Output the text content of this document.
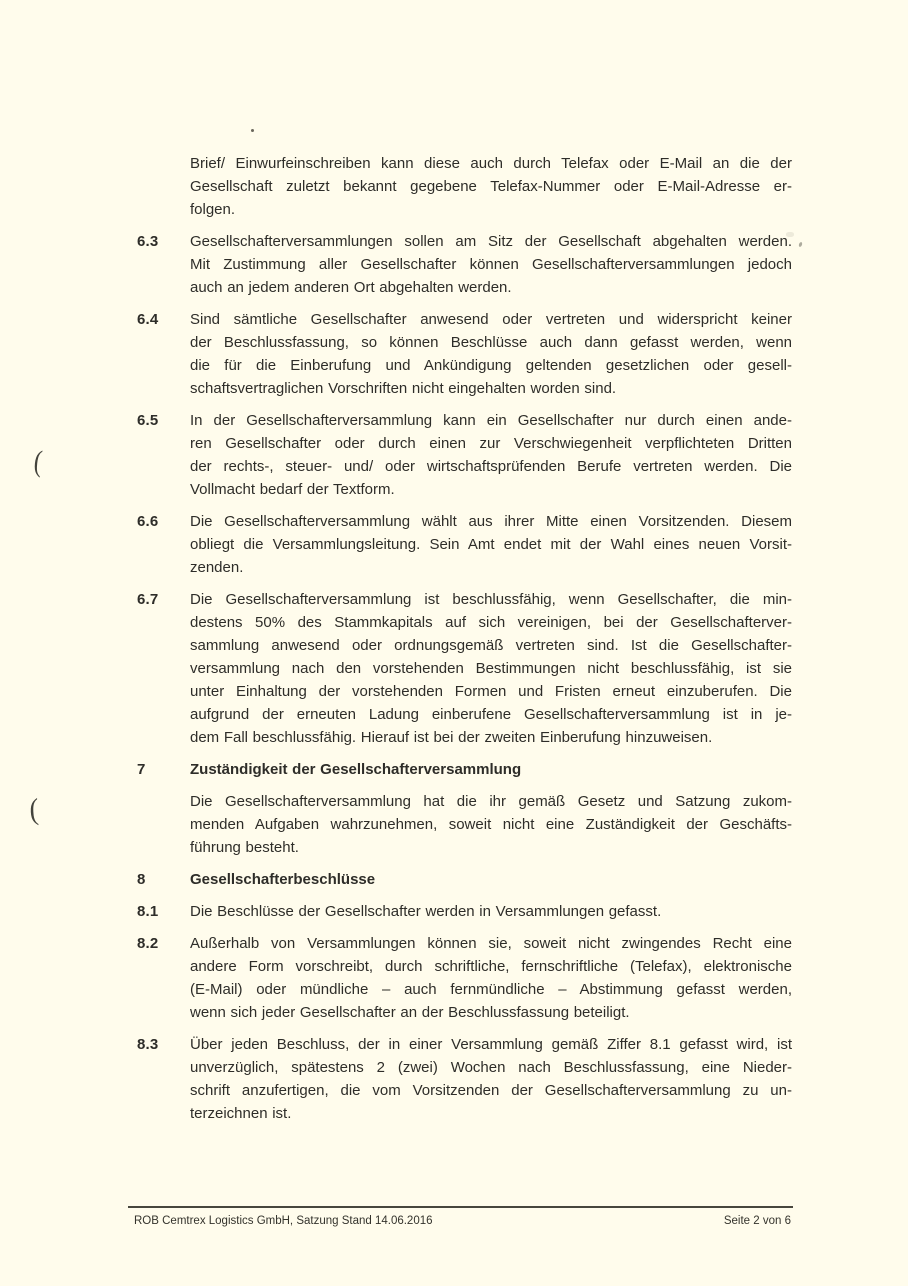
(
(
Brief/ Einwurfeinschreiben kann diese auch durch Telefax oder E-Mail an die der
Gesellschaft zuletzt bekannt gegebene Telefax-Nummer oder E-Mail-Adresse er-
folgen.
6.3	Gesellschafterversammlungen sollen am Sitz der Gesellschaft abgehalten werden.
Mit Zustimmung aller Gesellschafter können Gesellschafterversammlungen jedoch
auch an jedem anderen Ort abgehalten werden.
6.4	Sind sämtliche Gesellschafter anwesend oder vertreten und widerspricht keiner
der Beschlussfassung, so können Beschlüsse auch dann gefasst werden, wenn
die für die Einberufung und Ankündigung geltenden gesetzlichen oder gesell-
schaftsvertraglichen Vorschriften nicht eingehalten worden sind.
6.5	In der Gesellschafterversammlung kann ein Gesellschafter nur durch einen ande-
ren Gesellschafter oder durch einen zur Verschwiegenheit verpflichteten Dritten
der rechts-, steuer- und/ oder wirtschaftsprüfenden Berufe vertreten werden. Die
Vollmacht bedarf der Textform.
6.6	Die Gesellschafterversammlung wählt aus ihrer Mitte einen Vorsitzenden. Diesem
obliegt die Versammlungsleitung. Sein Amt endet mit der Wahl eines neuen Vorsit-
zenden.
6.7	Die Gesellschafterversammlung ist beschlussfähig, wenn Gesellschafter, die min-
destens 50% des Stammkapitals auf sich vereinigen, bei der Gesellschafterver-
sammlung anwesend oder ordnungsgemäß vertreten sind. Ist die Gesellschafter-
versammlung nach den vorstehenden Bestimmungen nicht beschlussfähig, ist sie
unter Einhaltung der vorstehenden Formen und Fristen erneut einzuberufen. Die
aufgrund der erneuten Ladung einberufene Gesellschafterversammlung ist in je-
dem Fall beschlussfähig. Hierauf ist bei der zweiten Einberufung hinzuweisen.
7	Zuständigkeit der Gesellschafterversammlung
Die Gesellschafterversammlung hat die ihr gemäß Gesetz und Satzung zukom-
menden Aufgaben wahrzunehmen, soweit nicht eine Zuständigkeit der Geschäfts-
führung besteht.
8	Gesellschafterbeschlüsse
8.1	Die Beschlüsse der Gesellschafter werden in Versammlungen gefasst.
8.2	Außerhalb von Versammlungen können sie, soweit nicht zwingendes Recht eine
andere Form vorschreibt, durch schriftliche, fernschriftliche (Telefax), elektronische
(E-Mail) oder mündliche – auch fernmündliche – Abstimmung gefasst werden,
wenn sich jeder Gesellschafter an der Beschlussfassung beteiligt.
8.3	Über jeden Beschluss, der in einer Versammlung gemäß Ziffer 8.1 gefasst wird, ist
unverzüglich, spätestens 2 (zwei) Wochen nach Beschlussfassung, eine Nieder-
schrift anzufertigen, die vom Vorsitzenden der Gesellschafterversammlung zu un-
terzeichnen ist.
ROB Cemtrex Logistics GmbH, Satzung Stand 14.06.2016	Seite 2 von 6
